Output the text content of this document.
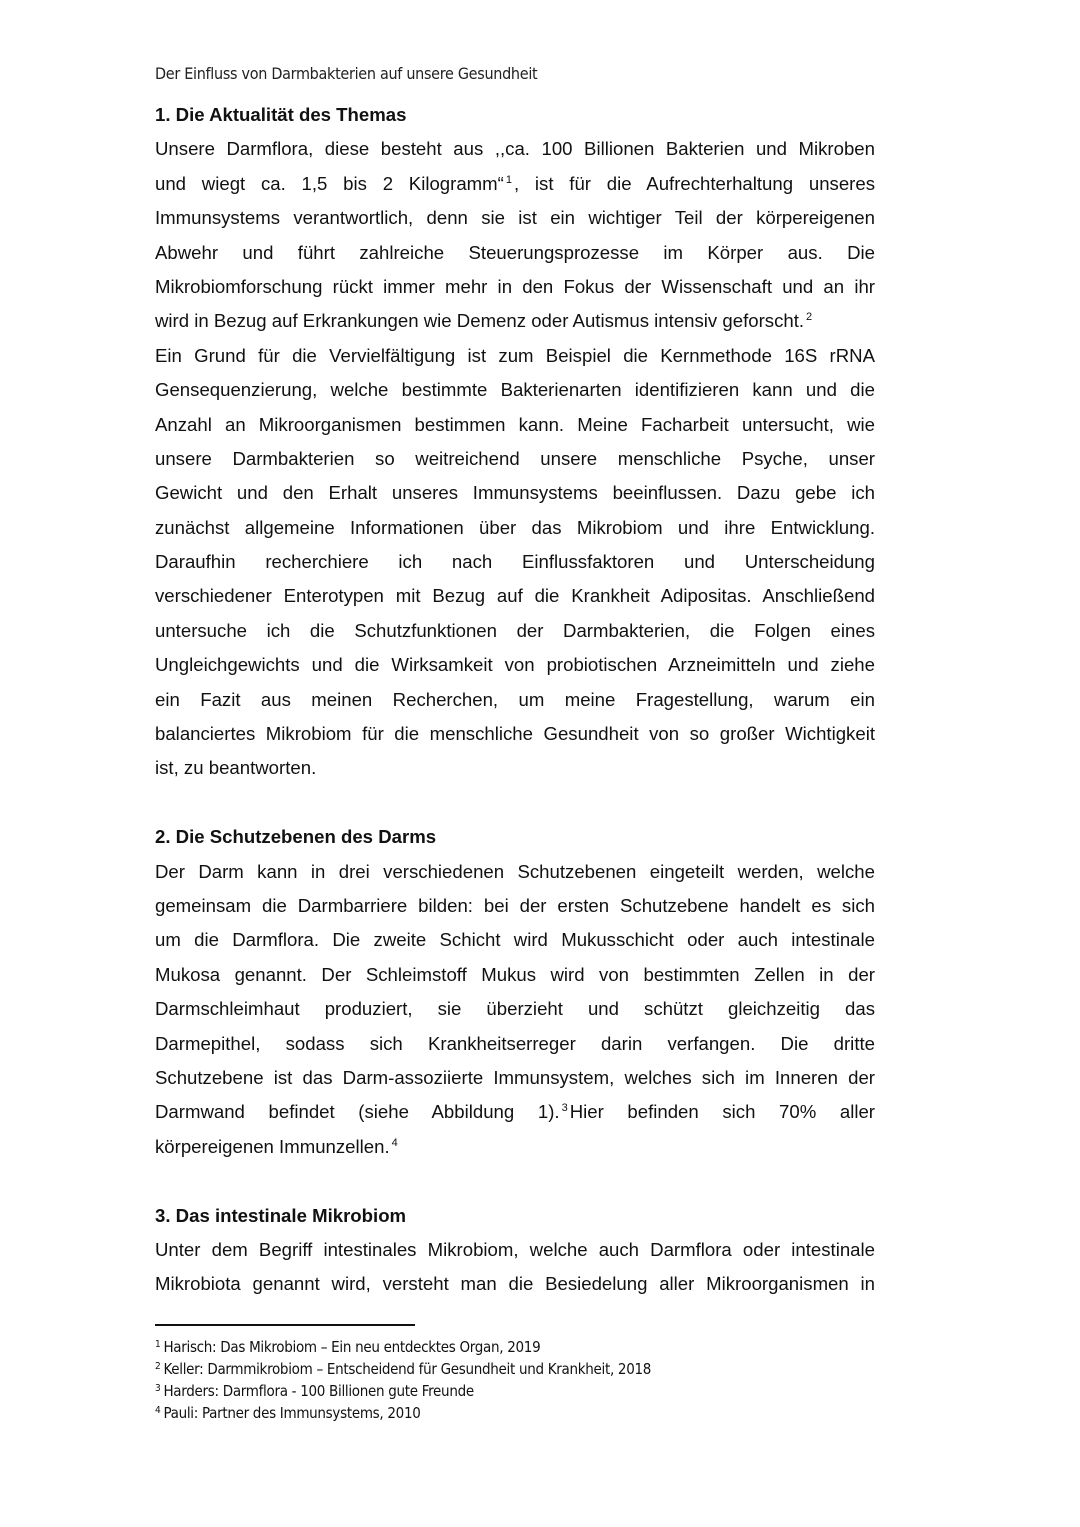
Der Einfluss von Darmbakterien auf unsere Gesundheit
1. Die Aktualität des Themas
Unsere Darmflora, diese besteht aus ,,ca. 100 Billionen Bakterien und Mikroben
und wiegt ca. 1,5 bis 2 Kilogramm“ $^1$ , ist für die Aufrechterhaltung unseres
Immunsystems verantwortlich, denn sie ist ein wichtiger Teil der körpereigenen
Abwehr und führt zahlreiche Steuerungsprozesse im Körper aus. Die
Mikrobiomforschung rückt immer mehr in den Fokus der Wissenschaft und an ihr
wird in Bezug auf Erkrankungen wie Demenz oder Autismus intensiv geforscht. $^2$
Ein Grund für die Vervielfältigung ist zum Beispiel die Kernmethode 16S rRNA
Gensequenzierung, welche bestimmte Bakterienarten identifizieren kann und die
Anzahl an Mikroorganismen bestimmen kann. Meine Facharbeit untersucht, wie
unsere Darmbakterien so weitreichend unsere menschliche Psyche, unser
Gewicht und den Erhalt unseres Immunsystems beeinflussen. Dazu gebe ich
zunächst allgemeine Informationen über das Mikrobiom und ihre Entwicklung.
Daraufhin recherchiere ich nach Einflussfaktoren und Unterscheidung
verschiedener Enterotypen mit Bezug auf die Krankheit Adipositas. Anschließend
untersuche ich die Schutzfunktionen der Darmbakterien, die Folgen eines
Ungleichgewichts und die Wirksamkeit von probiotischen Arzneimitteln und ziehe
ein Fazit aus meinen Recherchen, um meine Fragestellung, warum ein
balanciertes Mikrobiom für die menschliche Gesundheit von so großer Wichtigkeit
ist, zu beantworten.
2. Die Schutzebenen des Darms
Der Darm kann in drei verschiedenen Schutzebenen eingeteilt werden, welche
gemeinsam die Darmbarriere bilden: bei der ersten Schutzebene handelt es sich
um die Darmflora. Die zweite Schicht wird Mukusschicht oder auch intestinale
Mukosa genannt. Der Schleimstoff Mukus wird von bestimmten Zellen in der
Darmschleimhaut produziert, sie überzieht und schützt gleichzeitig das
Darmepithel, sodass sich Krankheitserreger darin verfangen. Die dritte
Schutzebene ist das Darm-assoziierte Immunsystem, welches sich im Inneren der
Darmwand befindet (siehe Abbildung 1). $^3$ Hier befinden sich 70% aller
körpereigenen Immunzellen. $^4$
3. Das intestinale Mikrobiom
Unter dem Begriff intestinales Mikrobiom, welche auch Darmflora oder intestinale
Mikrobiota genannt wird, versteht man die Besiedelung aller Mikroorganismen in
$^1$ Harisch: Das Mikrobiom – Ein neu entdecktes Organ, 2019
$^2$ Keller: Darmmikrobiom – Entscheidend für Gesundheit und Krankheit, 2018
$^3$ Harders: Darmflora - 100 Billionen gute Freunde
$^4$ Pauli: Partner des Immunsystems, 2010
